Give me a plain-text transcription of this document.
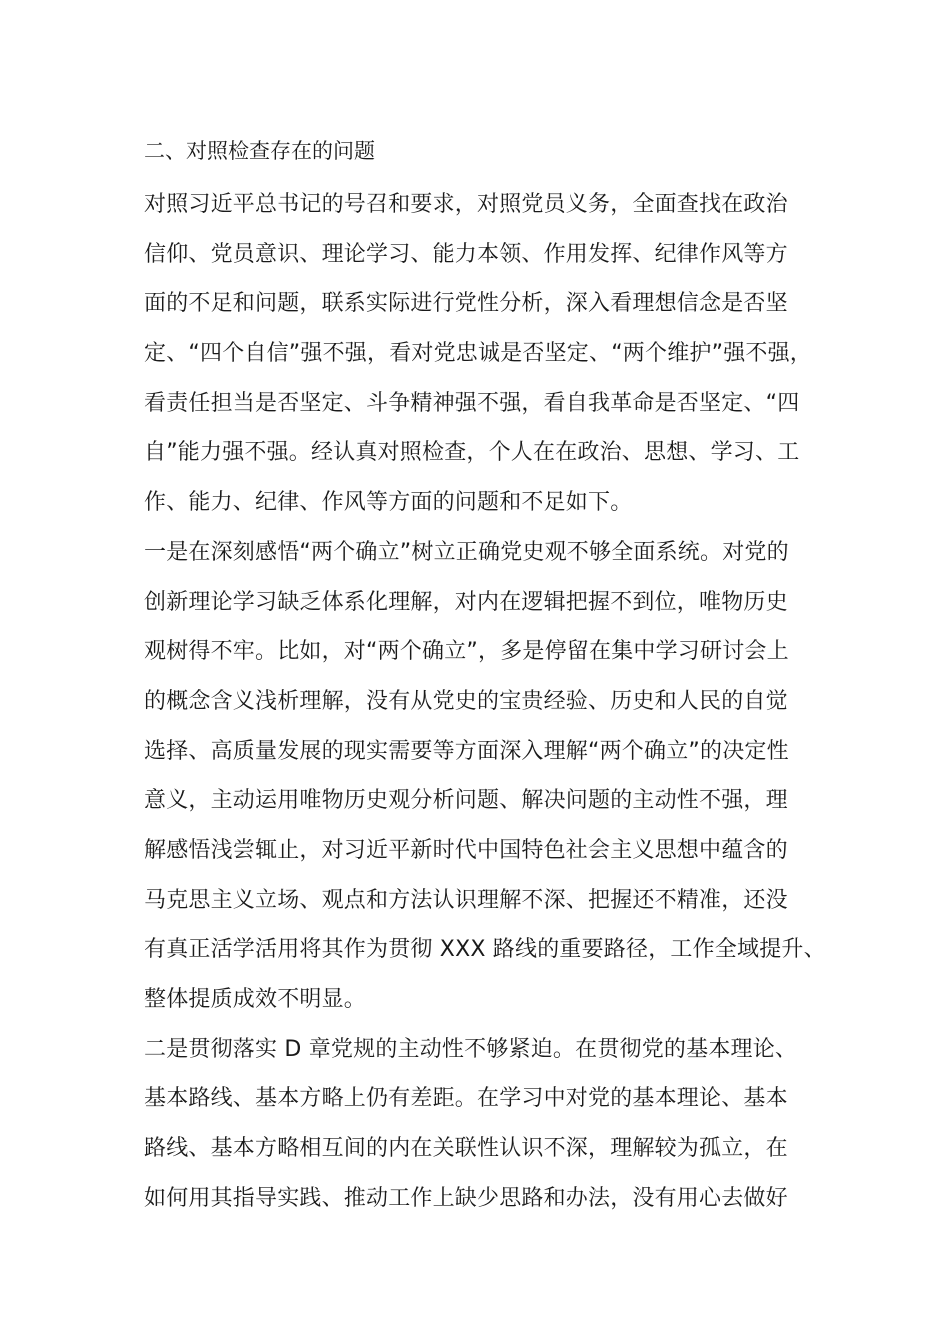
二、对照检查存在的问题
对照习近平总书记的号召和要求，对照党员义务，全面查找在政治
信仰、党员意识、理论学习、能力本领、作用发挥、纪律作风等方
面的不足和问题，联系实际进行党性分析，深入看理想信念是否坚
定、“四个自信”强不强，看对党忠诚是否坚定、“两个维护”强不强，
看责任担当是否坚定、斗争精神强不强，看自我革命是否坚定、“四
自”能力强不强。经认真对照检查，个人在在政治、思想、学习、工
作、能力、纪律、作风等方面的问题和不足如下。
一是在深刻感悟“两个确立”树立正确党史观不够全面系统。对党的
创新理论学习缺乏体系化理解，对内在逻辑把握不到位，唯物历史
观树得不牢。比如，对“两个确立”，多是停留在集中学习研讨会上
的概念含义浅析理解，没有从党史的宝贵经验、历史和人民的自觉
选择、高质量发展的现实需要等方面深入理解“两个确立”的决定性
意义，主动运用唯物历史观分析问题、解决问题的主动性不强，理
解感悟浅尝辄止，对习近平新时代中国特色社会主义思想中蕴含的
马克思主义立场、观点和方法认识理解不深、把握还不精准，还没
有真正活学活用将其作为贯彻 XXX 路线的重要路径，工作全域提升、
整体提质成效不明显。
二是贯彻落实 D 章党规的主动性不够紧迫。在贯彻党的基本理论、
基本路线、基本方略上仍有差距。在学习中对党的基本理论、基本
路线、基本方略相互间的内在关联性认识不深，理解较为孤立，在
如何用其指导实践、推动工作上缺少思路和办法，没有用心去做好
